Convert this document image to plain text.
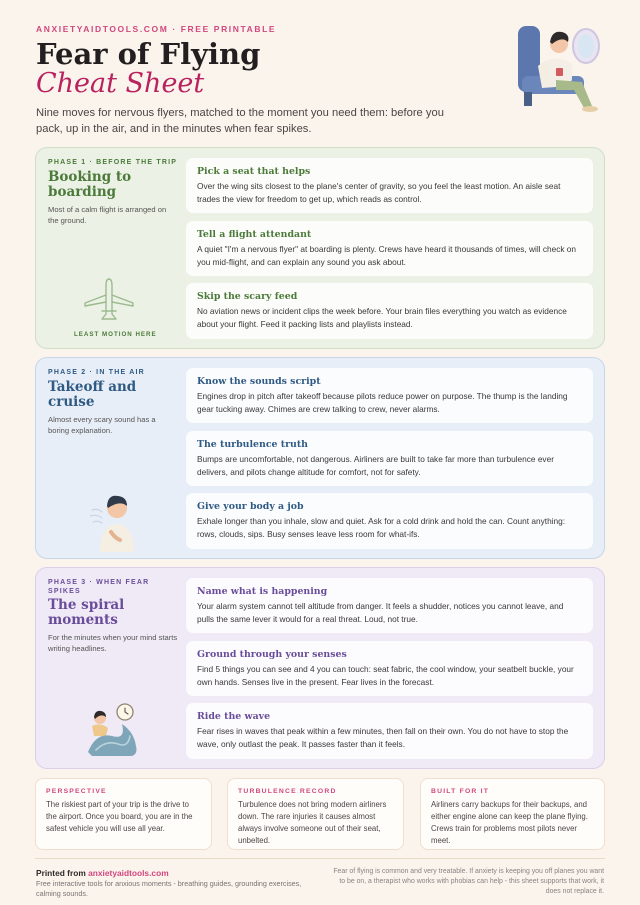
ANXIETYAIDTOOLS.COM · FREE PRINTABLE
Fear of Flying
Cheat Sheet
Nine moves for nervous flyers, matched to the moment you need them: before you pack, up in the air, and in the minutes when fear spikes.
PHASE 1 · BEFORE THE TRIP
Booking to boarding
Most of a calm flight is arranged on the ground.
LEAST MOTION HERE
Pick a seat that helps
Over the wing sits closest to the plane's center of gravity, so you feel the least motion. An aisle seat trades the view for freedom to get up, which reads as control.
Tell a flight attendant
A quiet "I'm a nervous flyer" at boarding is plenty. Crews have heard it thousands of times, will check on you mid-flight, and can explain any sound you ask about.
Skip the scary feed
No aviation news or incident clips the week before. Your brain files everything you watch as evidence about your flight. Feed it packing lists and playlists instead.
PHASE 2 · IN THE AIR
Takeoff and cruise
Almost every scary sound has a boring explanation.
Know the sounds script
Engines drop in pitch after takeoff because pilots reduce power on purpose. The thump is the landing gear tucking away. Chimes are crew talking to crew, never alarms.
The turbulence truth
Bumps are uncomfortable, not dangerous. Airliners are built to take far more than turbulence ever delivers, and pilots change altitude for comfort, not for safety.
Give your body a job
Exhale longer than you inhale, slow and quiet. Ask for a cold drink and hold the can. Count anything: rows, clouds, sips. Busy senses leave less room for what-ifs.
PHASE 3 · WHEN FEAR SPIKES
The spiral moments
For the minutes when your mind starts writing headlines.
Name what is happening
Your alarm system cannot tell altitude from danger. It feels a shudder, notices you cannot leave, and pulls the same lever it would for a real threat. Loud, not true.
Ground through your senses
Find 5 things you can see and 4 you can touch: seat fabric, the cool window, your seatbelt buckle, your own hands. Senses live in the present. Fear lives in the forecast.
Ride the wave
Fear rises in waves that peak within a few minutes, then fall on their own. You do not have to stop the wave, only outlast the peak. It passes faster than it feels.
PERSPECTIVE
The riskiest part of your trip is the drive to the airport. Once you board, you are in the safest vehicle you will use all year.
TURBULENCE RECORD
Turbulence does not bring modern airliners down. The rare injuries it causes almost always involve someone out of their seat, unbelted.
BUILT FOR IT
Airliners carry backups for their backups, and either engine alone can keep the plane flying. Crews train for problems most pilots never meet.
Printed from anxietyaidtools.com
Free interactive tools for anxious moments - breathing guides, grounding exercises, calming sounds.
Fear of flying is common and very treatable. If anxiety is keeping you off planes you want to be on, a therapist who works with phobias can help - this sheet supports that work, it does not replace it.
